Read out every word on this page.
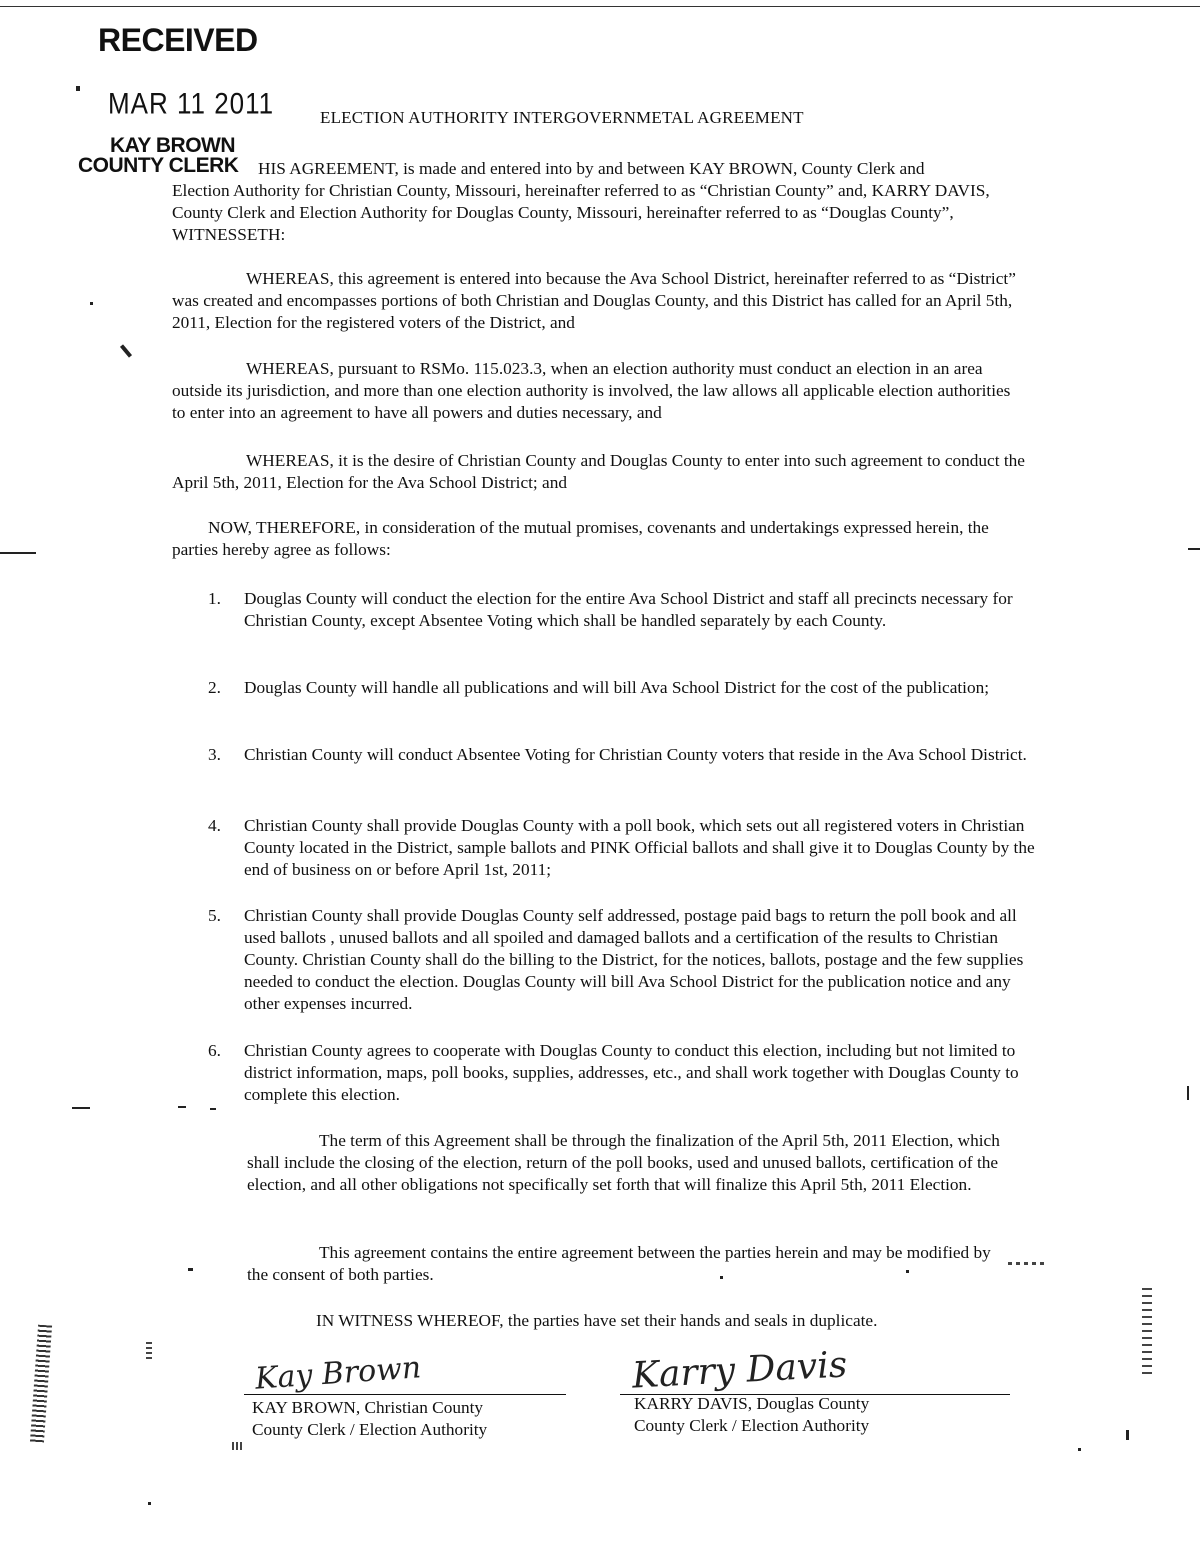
RECEIVED
MAR 11 2011
KAY BROWN
COUNTY CLERK
ELECTION AUTHORITY INTERGOVERNMETAL AGREEMENT

HIS AGREEMENT, is made and entered into by and between KAY BROWN, County Clerk and

Election Authority for Christian County, Missouri, hereinafter referred to as “Christian County” and, KARRY DAVIS, County Clerk and Election Authority for Douglas County, Missouri, hereinafter referred to as “Douglas County”, WITNESSETH:

WHEREAS, this agreement is entered into because the Ava School District, hereinafter referred to as “District” was created and encompasses portions of both Christian and Douglas County, and this District has called for an April 5th, 2011, Election for the registered voters of the District, and

WHEREAS, pursuant to RSMo. 115.023.3, when an election authority must conduct an election in an area outside its jurisdiction, and more than one election authority is involved, the law allows all applicable election authorities to enter into an agreement to have all powers and duties necessary, and

WHEREAS, it is the desire of Christian County and Douglas County to enter into such agreement to conduct the April 5th, 2011, Election for the Ava School District; and

NOW, THEREFORE, in consideration of the mutual promises, covenants and undertakings expressed herein, the parties hereby agree as follows:

1.	Douglas County will conduct the election for the entire Ava School District and staff all precincts necessary for Christian County, except Absentee Voting which shall be handled separately by each County.
2.	Douglas County will handle all publications and will bill Ava School District for the cost of the publication;
3.	Christian County will conduct Absentee Voting for Christian County voters that reside in the Ava School District.
4.	Christian County shall provide Douglas County with a poll book, which sets out all registered voters in Christian County located in the District, sample ballots and PINK Official ballots and shall give it to Douglas County by the end of business on or before April 1st, 2011;
5.	Christian County shall provide Douglas County self addressed, postage paid bags to return the poll book and all used ballots , unused ballots and all spoiled and damaged ballots and a certification of the results to Christian County. Christian County shall do the billing to the District, for the notices, ballots, postage and the few supplies needed to conduct the election. Douglas County will bill Ava School District for the publication notice and any other expenses incurred.
6.	Christian County agrees to cooperate with Douglas County to conduct this election, including but not limited to district information, maps, poll books, supplies, addresses, etc., and shall work together with Douglas County to complete this election.

The term of this Agreement shall be through the finalization of the April 5th, 2011 Election, which shall include the closing of the election, return of the poll books, used and unused ballots, certification of the election, and all other obligations not specifically set forth that will finalize this April 5th, 2011 Election.

This agreement contains the entire agreement between the parties herein and may be modified by the consent of both parties.

IN WITNESS WHEREOF, the parties have set their hands and seals in duplicate.

Kay Brown	Karry Davis
KAY BROWN, Christian County
County Clerk / Election Authority
KARRY DAVIS, Douglas County
County Clerk / Election Authority
